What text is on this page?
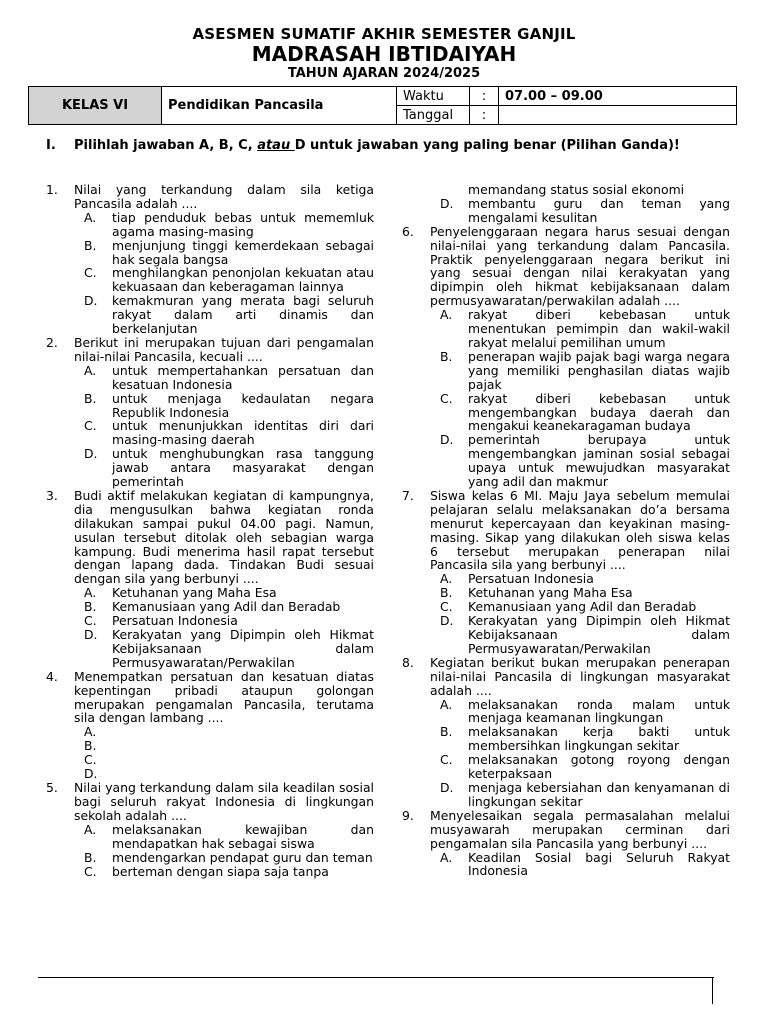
ASESMEN SUMATIF AKHIR SEMESTER GANJIL
MADRASAH IBTIDAIYAH
TAHUN AJARAN 2024/2025
KELAS VI	Pendidikan Pancasila	Waktu	:	07.00 – 09.00
		Tanggal	:	
I. Pilihlah jawaban A, B, C, atau D untuk jawaban yang paling benar (Pilihan Ganda)!
1. Nilai yang terkandung dalam sila ketiga Pancasila adalah ....
A. tiap penduduk bebas untuk mememluk agama masing-masing
B. menjunjung tinggi kemerdekaan sebagai hak segala bangsa
C. menghilangkan penonjolan kekuatan atau kekuasaan dan keberagaman lainnya
D. kemakmuran yang merata bagi seluruh rakyat dalam arti dinamis dan berkelanjutan
2. Berikut ini merupakan tujuan dari pengamalan nilai-nilai Pancasila, kecuali ....
A. untuk mempertahankan persatuan dan kesatuan Indonesia
B. untuk menjaga kedaulatan negara Republik Indonesia
C. untuk menunjukkan identitas diri dari masing-masing daerah
D. untuk menghubungkan rasa tanggung jawab antara masyarakat dengan pemerintah
3. Budi aktif melakukan kegiatan di kampungnya, dia mengusulkan bahwa kegiatan ronda dilakukan sampai pukul 04.00 pagi. Namun, usulan tersebut ditolak oleh sebagian warga kampung. Budi menerima hasil rapat tersebut dengan lapang dada. Tindakan Budi sesuai dengan sila yang berbunyi ....
A. Ketuhanan yang Maha Esa
B. Kemanusiaan yang Adil dan Beradab
C. Persatuan Indonesia
D. Kerakyatan yang Dipimpin oleh Hikmat Kebijaksanaan dalam Permusyawaratan/Perwakilan
4. Menempatkan persatuan dan kesatuan diatas kepentingan pribadi ataupun golongan merupakan pengamalan Pancasila, terutama sila dengan lambang ....
A.
B.
C.
D.
5. Nilai yang terkandung dalam sila keadilan sosial bagi seluruh rakyat Indonesia di lingkungan sekolah adalah ....
A. melaksanakan kewajiban dan mendapatkan hak sebagai siswa
B. mendengarkan pendapat guru dan teman
C. berteman dengan siapa saja tanpa
memandang status sosial ekonomi
D. membantu guru dan teman yang mengalami kesulitan
6. Penyelenggaraan negara harus sesuai dengan nilai-nilai yang terkandung dalam Pancasila. Praktik penyelenggaraan negara berikut ini yang sesuai dengan nilai kerakyatan yang dipimpin oleh hikmat kebijaksanaan dalam permusyawaratan/perwakilan adalah ....
A. rakyat diberi kebebasan untuk menentukan pemimpin dan wakil-wakil rakyat melalui pemilihan umum
B. penerapan wajib pajak bagi warga negara yang memiliki penghasilan diatas wajib pajak
C. rakyat diberi kebebasan untuk mengembangkan budaya daerah dan mengakui keanekaragaman budaya
D. pemerintah berupaya untuk mengembangkan jaminan sosial sebagai upaya untuk mewujudkan masyarakat yang adil dan makmur
7. Siswa kelas 6 MI. Maju Jaya sebelum memulai pelajaran selalu melaksanakan do’a bersama menurut kepercayaan dan keyakinan masing-masing. Sikap yang dilakukan oleh siswa kelas 6 tersebut merupakan penerapan nilai Pancasila sila yang berbunyi ....
A. Persatuan Indonesia
B. Ketuhanan yang Maha Esa
C. Kemanusiaan yang Adil dan Beradab
D. Kerakyatan yang Dipimpin oleh Hikmat Kebijaksanaan dalam Permusyawaratan/Perwakilan
8. Kegiatan berikut bukan merupakan penerapan nilai-nilai Pancasila di lingkungan masyarakat adalah ....
A. melaksanakan ronda malam untuk menjaga keamanan lingkungan
B. melaksanakan kerja bakti untuk membersihkan lingkungan sekitar
C. melaksanakan gotong royong dengan keterpaksaan
D. menjaga kebersiahan dan kenyamanan di lingkungan sekitar
9. Menyelesaikan segala permasalahan melalui musyawarah merupakan cerminan dari pengamalan sila Pancasila yang berbunyi ....
A. Keadilan Sosial bagi Seluruh Rakyat Indonesia
